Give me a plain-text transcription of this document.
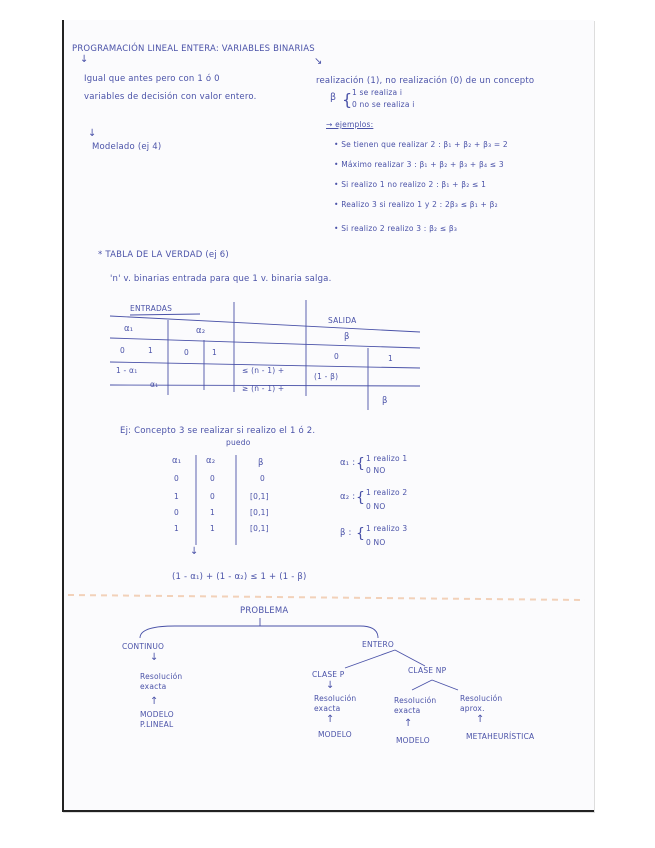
PROGRAMACIÓN LINEAL ENTERA: VARIABLES BINARIAS
↓
Igual que antes pero con 1 ó 0
variables de decisión con valor entero.
↘
realización (1), no realización (0) de un concepto
β { 1 se realiza i
0 no se realiza i
↓
Modelado (ej 4)
→ ejemplos:
• Se tienen que realizar 2 : β₁ + β₂ + β₃ = 2
• Máximo realizar 3 : β₁ + β₂ + β₃ + β₄ ≤ 3
• Si realizo 1 no realizo 2 : β₁ + β₂ ≤ 1
• Realizo 3 si realizo 1 y 2 : 2β₃ ≤ β₁ + β₂
• Si realizo 2 realizo 3 : β₂ ≤ β₃
* TABLA DE LA VERDAD (ej 6)
'n' v. binarias entrada para que 1 v. binaria salga.
ENTRADAS
SALIDA
α₁	α₂
β
0	1	0	1	0	1
1 - α₁	≤ (n - 1) +
(1 - β)
α₁	≥ (n - 1) +
β
Ej: Concepto 3 se realizar si realizo el 1 ó 2.
puedo
α₁	α₂	β
0	0	0
1	0	[0,1]
0	1	[0,1]
1	1	[0,1]
α₁ : { 1 realizo 1
0 NO
α₂ : { 1 realizo 2
0 NO
β : { 1 realizo 3
0 NO
↓
(1 - α₁) + (1 - α₂) ≤ 1 + (1 - β)
PROBLEMA
CONTINUO	ENTERO
↓
Resolución exacta
↑
MODELO P.LINEAL
CLASE P	CLASE NP
↓
Resolución exacta
↑
MODELO
Resolución exacta
↑
MODELO
Resolución aprox.
↑
METAHEURÍSTICA
